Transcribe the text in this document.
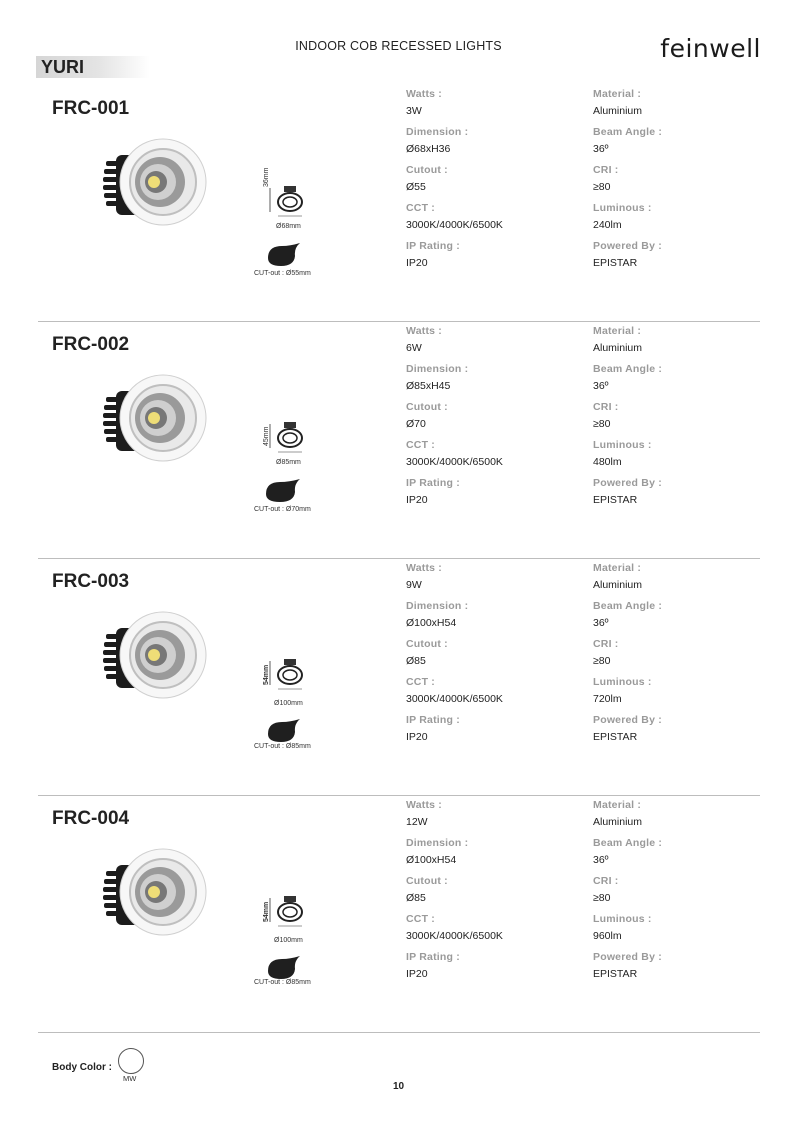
INDOOR COB RECESSED LIGHTS	feinwell
YURI
FRC-001
36mm
Ø68mm
CUT-out : Ø55mm
Watts :
3W
Dimension :
Ø68xH36
Cutout :
Ø55
CCT :
3000K/4000K/6500K
IP Rating :
IP20
Material :
Aluminium
Beam Angle :
36º
CRI :
≥80
Luminous :
240lm
Powered By :
EPISTAR
FRC-002
45mm
Ø85mm
CUT-out : Ø70mm
Watts :
6W
Dimension :
Ø85xH45
Cutout :
Ø70
CCT :
3000K/4000K/6500K
IP Rating :
IP20
Material :
Aluminium
Beam Angle :
36º
CRI :
≥80
Luminous :
480lm
Powered By :
EPISTAR
FRC-003
54mm
Ø100mm
CUT-out : Ø85mm
Watts :
9W
Dimension :
Ø100xH54
Cutout :
Ø85
CCT :
3000K/4000K/6500K
IP Rating :
IP20
Material :
Aluminium
Beam Angle :
36º
CRI :
≥80
Luminous :
720lm
Powered By :
EPISTAR
FRC-004
54mm
Ø100mm
CUT-out : Ø85mm
Watts :
12W
Dimension :
Ø100xH54
Cutout :
Ø85
CCT :
3000K/4000K/6500K
IP Rating :
IP20
Material :
Aluminium
Beam Angle :
36º
CRI :
≥80
Luminous :
960lm
Powered By :
EPISTAR
Body Color :
MW
10
